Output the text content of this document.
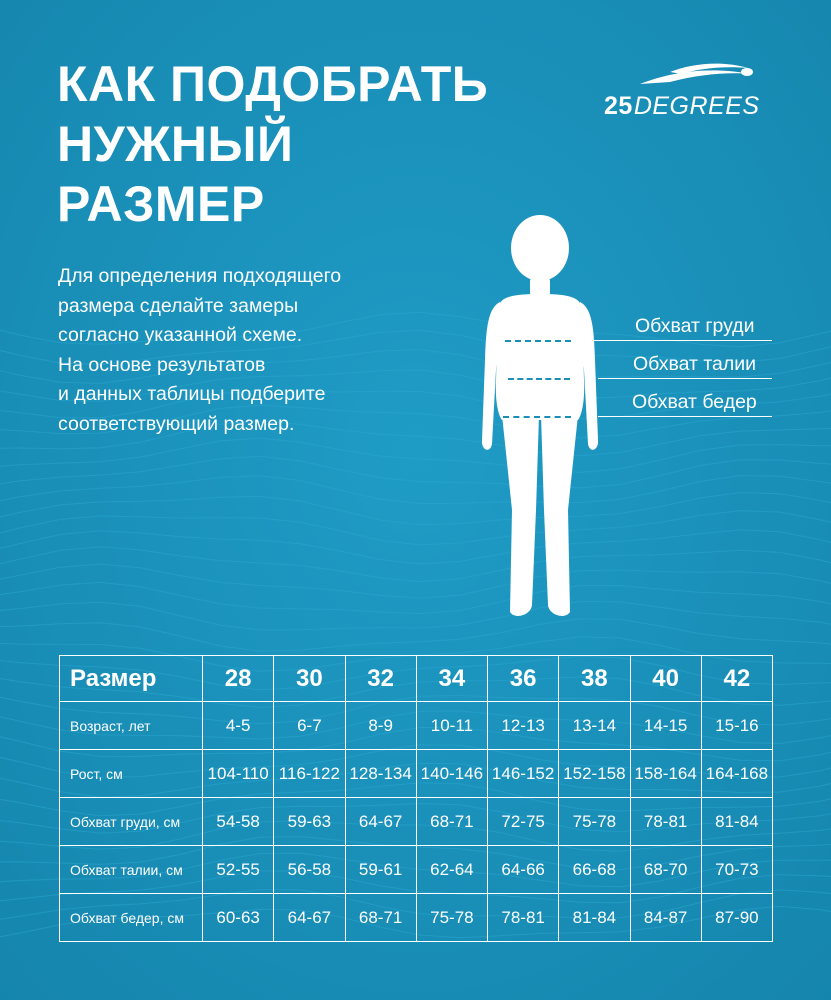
КАК ПОДОБРАТЬ
НУЖНЫЙ
РАЗМЕР
25DEGREES
Для определения подходящего
размера сделайте замеры
согласно указанной схеме.
На основе результатов
и данных таблицы подберите
соответствующий размер.
Обхват груди
Обхват талии
Обхват бедер
Размер	28	30	32	34	36	38	40	42
Возраст, лет	4-5	6-7	8-9	10-11	12-13	13-14	14-15	15-16
Рост, см	104-110	116-122	128-134	140-146	146-152	152-158	158-164	164-168
Обхват груди, см	54-58	59-63	64-67	68-71	72-75	75-78	78-81	81-84
Обхват талии, см	52-55	56-58	59-61	62-64	64-66	66-68	68-70	70-73
Обхват бедер, см	60-63	64-67	68-71	75-78	78-81	81-84	84-87	87-90
